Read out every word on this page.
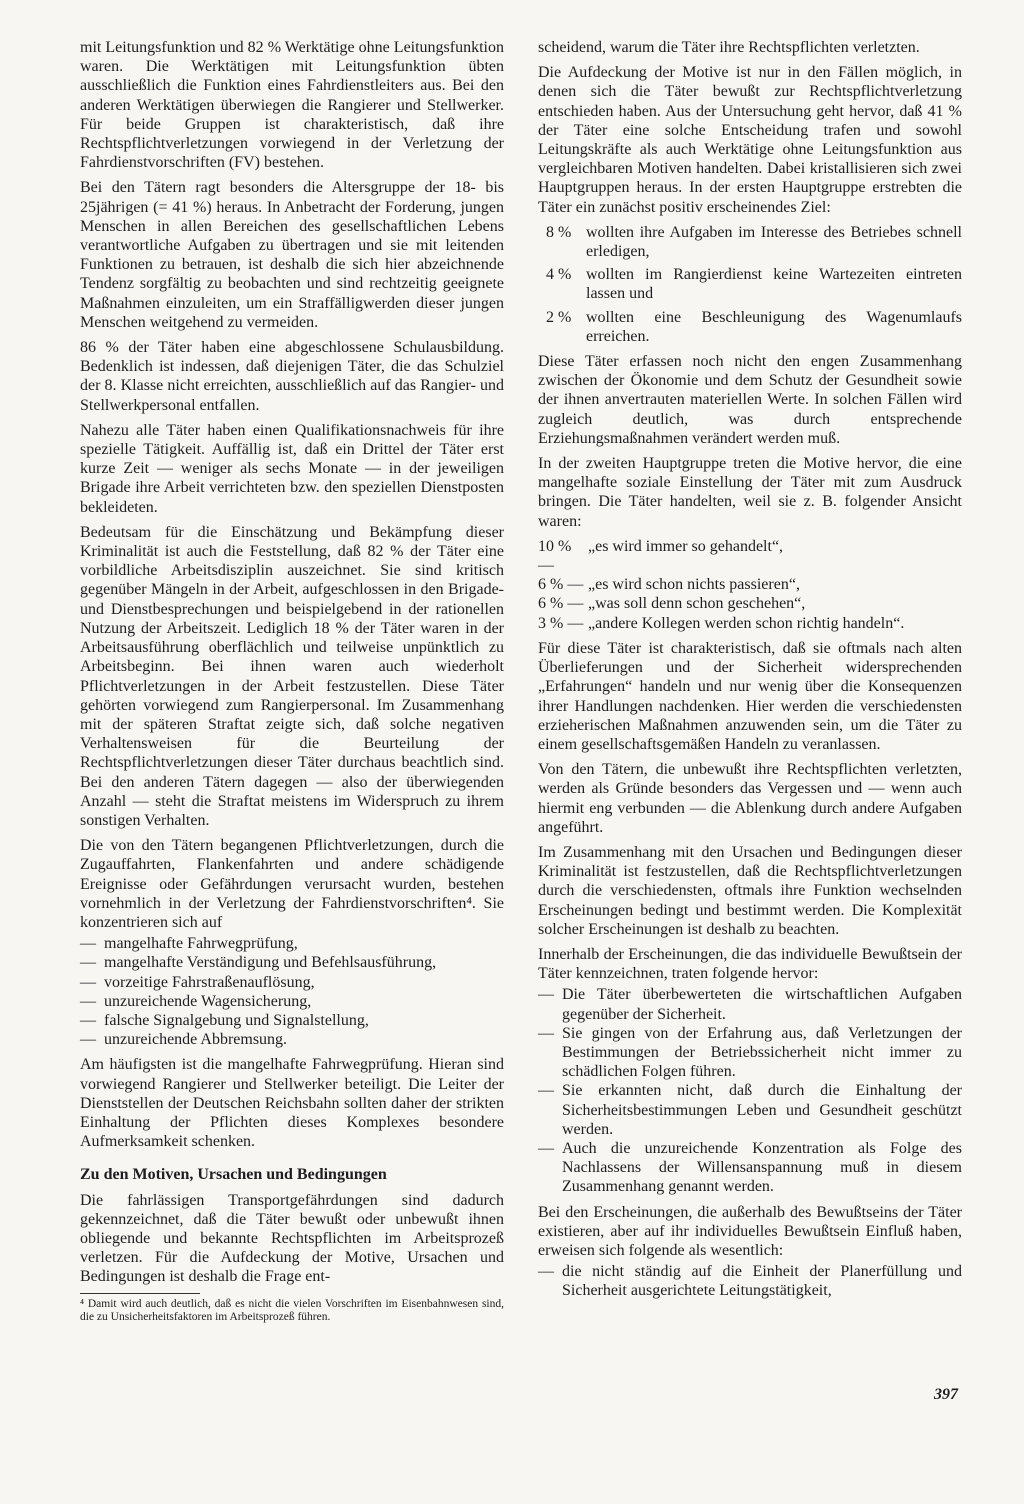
mit Leitungsfunktion und 82 % Werktätige ohne Leitungsfunktion waren. Die Werktätigen mit Leitungsfunktion übten ausschließlich die Funktion eines Fahrdienstleiters aus. Bei den anderen Werktätigen überwiegen die Rangierer und Stellwerker. Für beide Gruppen ist charakteristisch, daß ihre Rechtspflichtverletzungen vorwiegend in der Verletzung der Fahrdienstvorschriften (FV) bestehen.

Bei den Tätern ragt besonders die Altersgruppe der 18- bis 25jährigen (= 41 %) heraus. In Anbetracht der Forderung, jungen Menschen in allen Bereichen des gesellschaftlichen Lebens verantwortliche Aufgaben zu übertragen und sie mit leitenden Funktionen zu betrauen, ist deshalb die sich hier abzeichnende Tendenz sorgfältig zu beobachten und sind rechtzeitig geeignete Maßnahmen einzuleiten, um ein Straffälligwerden dieser jungen Menschen weitgehend zu vermeiden.

86 % der Täter haben eine abgeschlossene Schulausbildung. Bedenklich ist indessen, daß diejenigen Täter, die das Schulziel der 8. Klasse nicht erreichten, ausschließlich auf das Rangier- und Stellwerkpersonal entfallen.

Nahezu alle Täter haben einen Qualifikationsnachweis für ihre spezielle Tätigkeit. Auffällig ist, daß ein Drittel der Täter erst kurze Zeit — weniger als sechs Monate — in der jeweiligen Brigade ihre Arbeit verrichteten bzw. den speziellen Dienstposten bekleideten.

Bedeutsam für die Einschätzung und Bekämpfung dieser Kriminalität ist auch die Feststellung, daß 82 % der Täter eine vorbildliche Arbeitsdisziplin auszeichnet. Sie sind kritisch gegenüber Mängeln in der Arbeit, aufgeschlossen in den Brigade- und Dienstbesprechungen und beispielgebend in der rationellen Nutzung der Arbeitszeit. Lediglich 18 % der Täter waren in der Arbeitsausführung oberflächlich und teilweise unpünktlich zu Arbeitsbeginn. Bei ihnen waren auch wiederholt Pflichtverletzungen in der Arbeit festzustellen. Diese Täter gehörten vorwiegend zum Rangierpersonal. Im Zusammenhang mit der späteren Straftat zeigte sich, daß solche negativen Verhaltensweisen für die Beurteilung der Rechtspflichtverletzungen dieser Täter durchaus beachtlich sind. Bei den anderen Tätern dagegen — also der überwiegenden Anzahl — steht die Straftat meistens im Widerspruch zu ihrem sonstigen Verhalten.

Die von den Tätern begangenen Pflichtverletzungen, durch die Zugauffahrten, Flankenfahrten und andere schädigende Ereignisse oder Gefährdungen verursacht wurden, bestehen vornehmlich in der Verletzung der Fahrdienstvorschriften⁴. Sie konzentrieren sich auf

— mangelhafte Fahrwegprüfung,
— mangelhafte Verständigung und Befehlsausführung,
— vorzeitige Fahrstraßenauflösung,
— unzureichende Wagensicherung,
— falsche Signalgebung und Signalstellung,
— unzureichende Abbremsung.

Am häufigsten ist die mangelhafte Fahrwegprüfung. Hieran sind vorwiegend Rangierer und Stellwerker beteiligt. Die Leiter der Dienststellen der Deutschen Reichsbahn sollten daher der strikten Einhaltung der Pflichten dieses Komplexes besondere Aufmerksamkeit schenken.

Zu den Motiven, Ursachen und Bedingungen

Die fahrlässigen Transportgefährdungen sind dadurch gekennzeichnet, daß die Täter bewußt oder unbewußt ihnen obliegende und bekannte Rechtspflichten im Arbeitsprozeß verletzen. Für die Aufdeckung der Motive, Ursachen und Bedingungen ist deshalb die Frage ent-

⁴ Damit wird auch deutlich, daß es nicht die vielen Vorschriften im Eisenbahnwesen sind, die zu Unsicherheitsfaktoren im Arbeitsprozeß führen.

scheidend, warum die Täter ihre Rechtspflichten verletzten.

Die Aufdeckung der Motive ist nur in den Fällen möglich, in denen sich die Täter bewußt zur Rechtspflichtverletzung entschieden haben. Aus der Untersuchung geht hervor, daß 41 % der Täter eine solche Entscheidung trafen und sowohl Leitungskräfte als auch Werktätige ohne Leitungsfunktion aus vergleichbaren Motiven handelten. Dabei kristallisieren sich zwei Hauptgruppen heraus. In der ersten Hauptgruppe erstrebten die Täter ein zunächst positiv erscheinendes Ziel:

8 % wollten ihre Aufgaben im Interesse des Betriebes schnell erledigen,
4 % wollten im Rangierdienst keine Wartezeiten eintreten lassen und
2 % wollten eine Beschleunigung des Wagenumlaufs erreichen.

Diese Täter erfassen noch nicht den engen Zusammenhang zwischen der Ökonomie und dem Schutz der Gesundheit sowie der ihnen anvertrauten materiellen Werte. In solchen Fällen wird zugleich deutlich, was durch entsprechende Erziehungsmaßnahmen verändert werden muß.

In der zweiten Hauptgruppe treten die Motive hervor, die eine mangelhafte soziale Einstellung der Täter mit zum Ausdruck bringen. Die Täter handelten, weil sie z. B. folgender Ansicht waren:

10 % —
„es wird immer so gehandelt“,
6 % — „es wird schon nichts passieren“,
6 % — „was soll denn schon geschehen“,
3 % — „andere Kollegen werden schon richtig handeln“.

Für diese Täter ist charakteristisch, daß sie oftmals nach alten Überlieferungen und der Sicherheit widersprechenden „Erfahrungen“ handeln und nur wenig über die Konsequenzen ihrer Handlungen nachdenken. Hier werden die verschiedensten erzieherischen Maßnahmen anzuwenden sein, um die Täter zu einem gesellschaftsgemäßen Handeln zu veranlassen.

Von den Tätern, die unbewußt ihre Rechtspflichten verletzten, werden als Gründe besonders das Vergessen und — wenn auch hiermit eng verbunden — die Ablenkung durch andere Aufgaben angeführt.

Im Zusammenhang mit den Ursachen und Bedingungen dieser Kriminalität ist festzustellen, daß die Rechtspflichtverletzungen durch die verschiedensten, oftmals ihre Funktion wechselnden Erscheinungen bedingt und bestimmt werden. Die Komplexität solcher Erscheinungen ist deshalb zu beachten.

Innerhalb der Erscheinungen, die das individuelle Bewußtsein der Täter kennzeichnen, traten folgende hervor:

— Die Täter überbewerteten die wirtschaftlichen Aufgaben gegenüber der Sicherheit.
— Sie gingen von der Erfahrung aus, daß Verletzungen der Bestimmungen der Betriebssicherheit nicht immer zu schädlichen Folgen führen.
— Sie erkannten nicht, daß durch die Einhaltung der Sicherheitsbestimmungen Leben und Gesundheit geschützt werden.
— Auch die unzureichende Konzentration als Folge des Nachlassens der Willensanspannung muß in diesem Zusammenhang genannt werden.

Bei den Erscheinungen, die außerhalb des Bewußtseins der Täter existieren, aber auf ihr individuelles Bewußtsein Einfluß haben, erweisen sich folgende als wesentlich:

— die nicht ständig auf die Einheit der Planerfüllung und Sicherheit ausgerichtete Leitungstätigkeit,
397
